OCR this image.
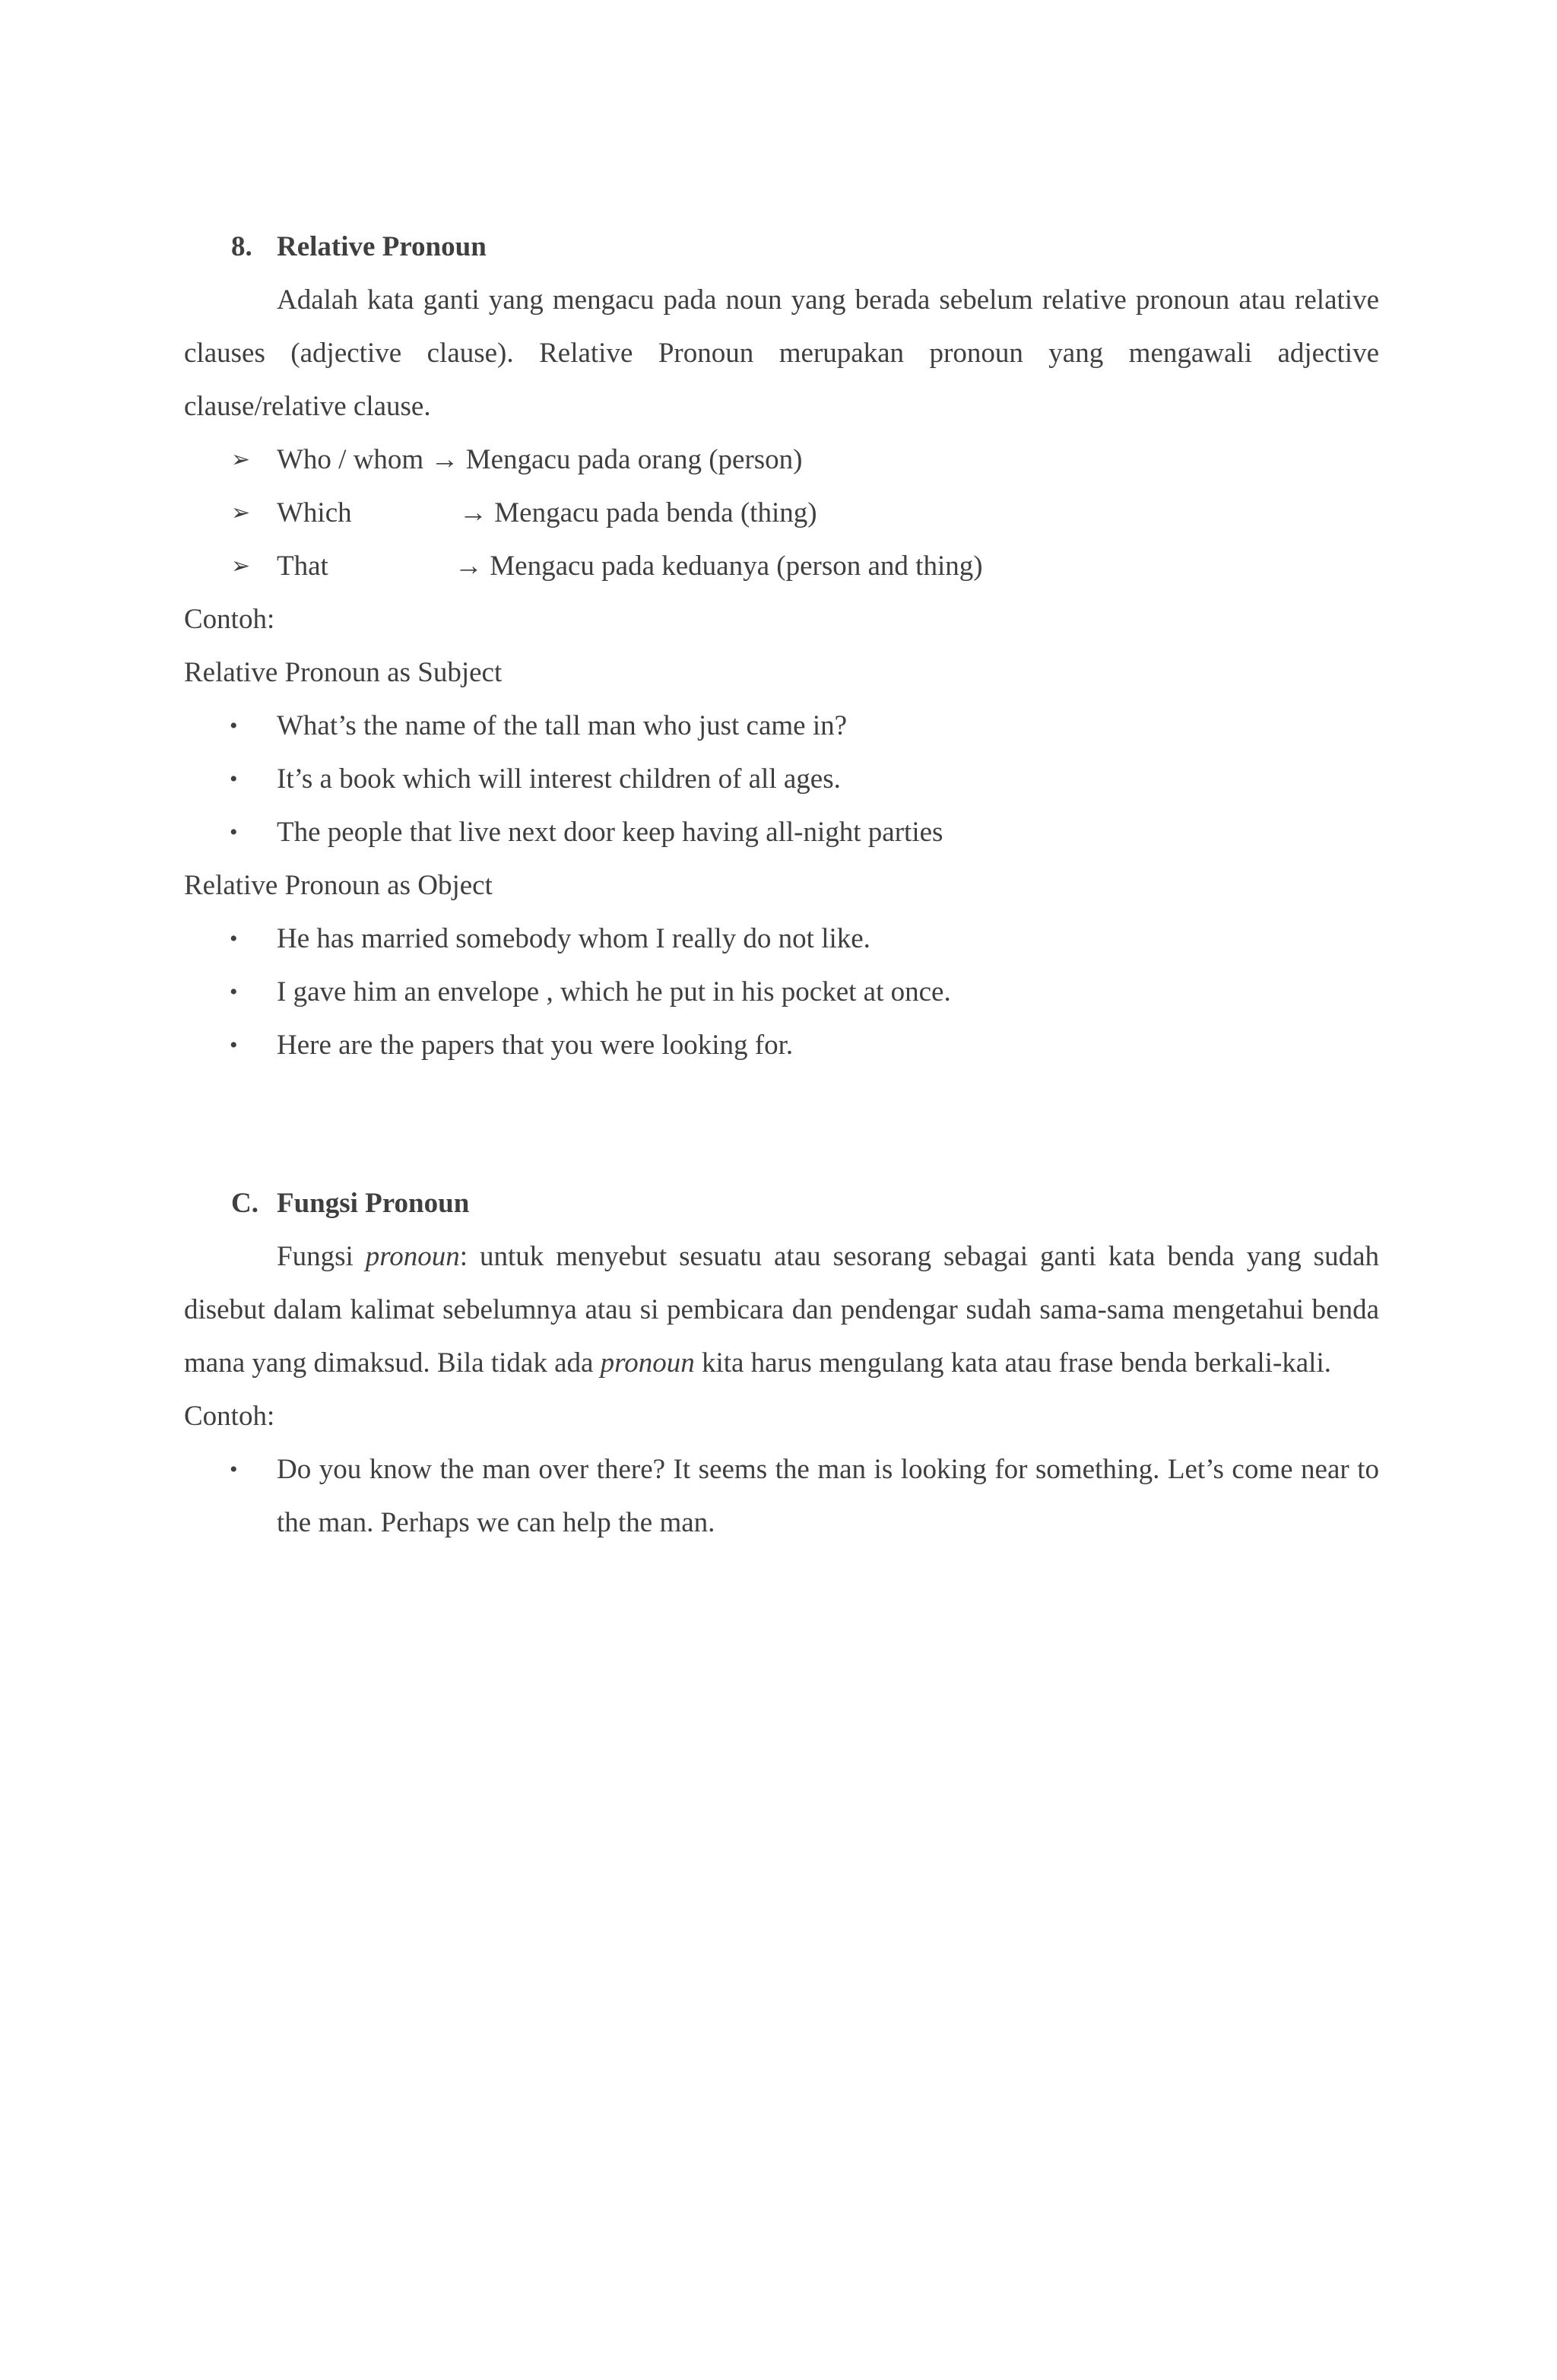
8. Relative Pronoun
Adalah kata ganti yang mengacu pada noun yang berada sebelum relative pronoun atau relative clauses (adjective clause). Relative Pronoun merupakan pronoun yang mengawali adjective clause/relative clause.
➢ Who / whom → Mengacu pada orang (person)
➢ Which	→ Mengacu pada benda (thing)
➢ That	→ Mengacu pada keduanya (person and thing)
Contoh:
Relative Pronoun as Subject
• What’s the name of the tall man who just came in?
• It’s a book which will interest children of all ages.
• The people that live next door keep having all-night parties
Relative Pronoun as Object
• He has married somebody whom I really do not like.
• I gave him an envelope , which he put in his pocket at once.
• Here are the papers that you were looking for.
C. Fungsi Pronoun
Fungsi pronoun: untuk menyebut sesuatu atau sesorang sebagai ganti kata benda yang sudah disebut dalam kalimat sebelumnya atau si pembicara dan pendengar sudah sama-sama mengetahui benda mana yang dimaksud. Bila tidak ada pronoun kita harus mengulang kata atau frase benda berkali-kali.
Contoh:
• Do you know the man over there? It seems the man is looking for something. Let’s come near to the man. Perhaps we can help the man.
